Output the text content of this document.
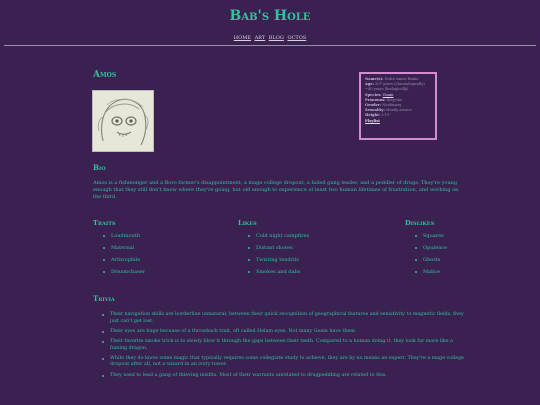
Bab's Hole
HOME ART BLOG OCTOS
Amos	Name(s): Dulce Amos Beaks
Age: 207 years (chronologically)
~40 years (biologically)
Species: Goain
Pronouns: they/she
Gender: Nonbinary
Sexuality: Mostly aroace
Height: 5'11"
Playlist
Bio
Amos is a fishmonger and a Boro farmer's disappointment, a mage college dropout, a failed gang leader, and a peddler of drugs. They're young enough that they still don't know where they're going, but old enough to experience at least two human lifetimes of frustration, and working on the third.
Traits
Loudmouth
Maternal
Arthrophile
Dreamchaser
Likes
Cold night campfires
Distant shores
Twisting tendrils
Smokes and dabs
Dislikes
Squares
Opulence
Ghosts
Malice
Trivia
Their navigation skills are borderline unnatural; between their quick recognition of geographical features and sensitivity to magnetic fields, they just can't get lost.
Their eyes are huge because of a throwback trait, oft called Helam eyes. Not many Goain have them.
Their favorite smoke trick is to slowly blow it through the gaps between their teeth. Compared to a human doing it, they look far more like a fuming dragon.
While they do know some magic that typically requires some collegiate study to achieve, they are by no means an expert. They're a mage college dropout after all, not a wizard in an ivory tower.
They used to lead a gang of thieving misfits. Most of their warrants unrelated to drugpeddling are related to this.
